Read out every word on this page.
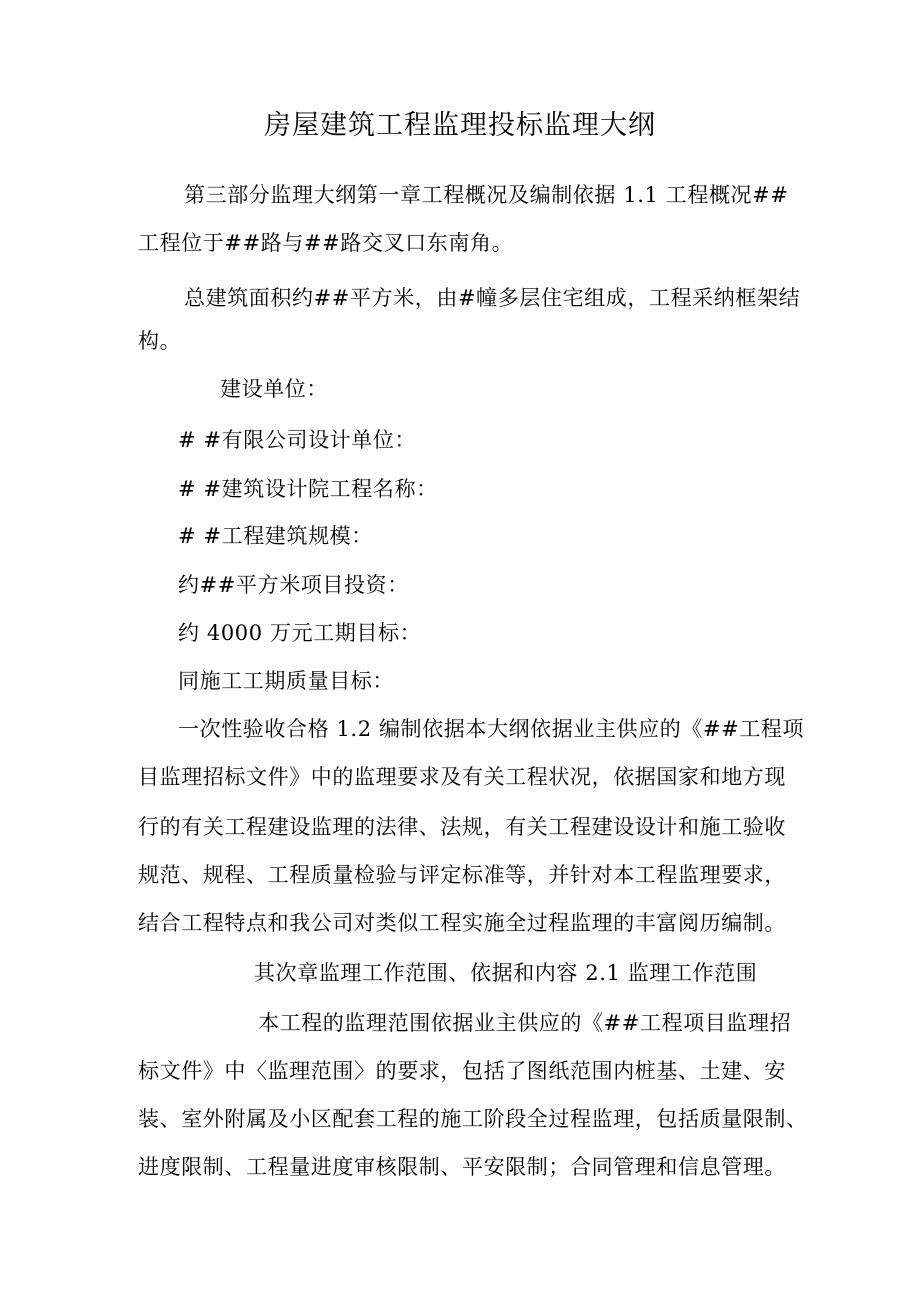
房屋建筑工程监理投标监理大纲
第三部分监理大纲第一章工程概况及编制依据 1.1 工程概况##
工程位于##路与##路交叉口东南角。
总建筑面积约##平方米，由#幢多层住宅组成，工程采纳框架结
构。
建设单位：
# #有限公司设计单位：
# #建筑设计院工程名称：
# #工程建筑规模：
约##平方米项目投资：
约 4000 万元工期目标：
同施工工期质量目标：
一次性验收合格 1.2 编制依据本大纲依据业主供应的《##工程项
目监理招标文件》中的监理要求及有关工程状况，依据国家和地方现
行的有关工程建设监理的法律、法规，有关工程建设设计和施工验收
规范、规程、工程质量检验与评定标准等，并针对本工程监理要求，
结合工程特点和我公司对类似工程实施全过程监理的丰富阅历编制。
其次章监理工作范围、依据和内容 2.1 监理工作范围
本工程的监理范围依据业主供应的《##工程项目监理招
标文件》中〈监理范围〉的要求，包括了图纸范围内桩基、土建、安
装、室外附属及小区配套工程的施工阶段全过程监理，包括质量限制、
进度限制、工程量进度审核限制、平安限制；合同管理和信息管理。
